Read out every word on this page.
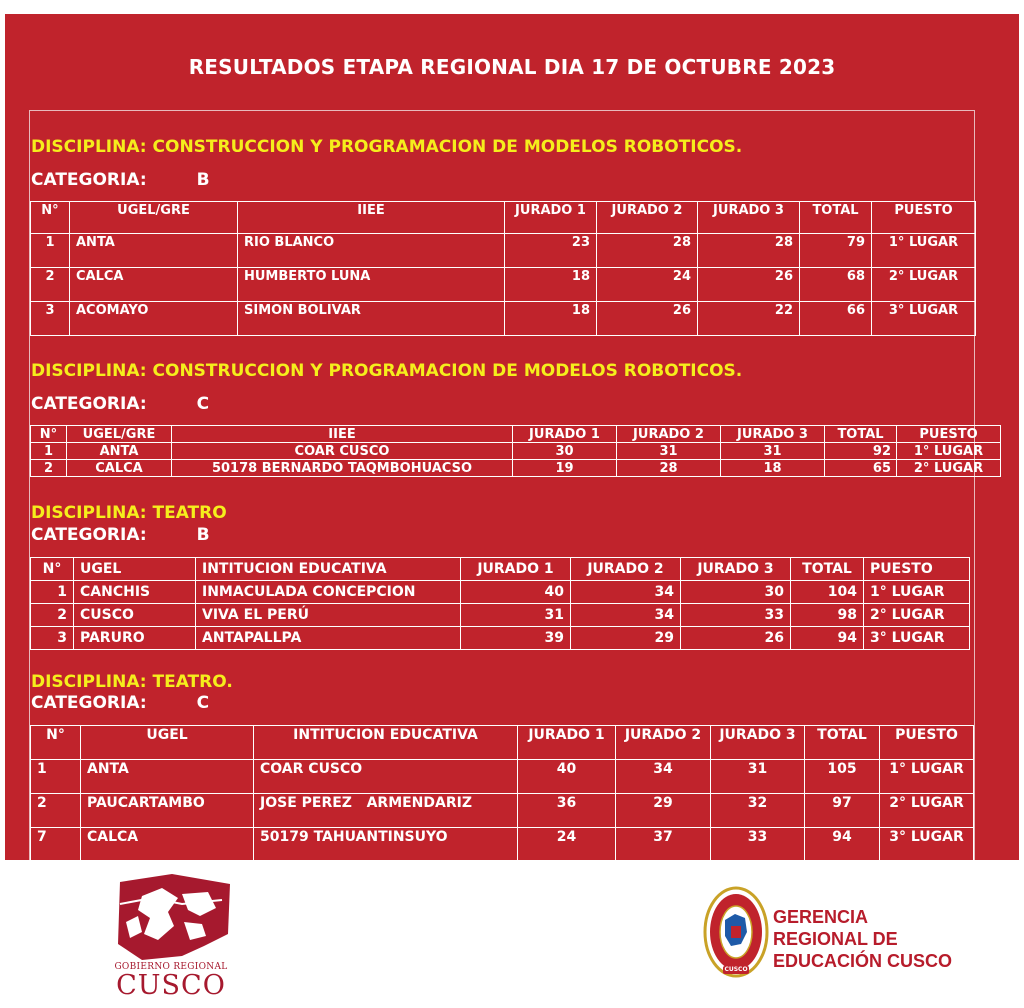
RESULTADOS ETAPA REGIONAL DIA 17 DE OCTUBRE 2023
DISCIPLINA: CONSTRUCCION Y PROGRAMACION DE MODELOS ROBOTICOS.
CATEGORIA:	B
N°	UGEL/GRE	IIEE	JURADO 1	JURADO 2	JURADO 3	TOTAL	PUESTO
1	ANTA	RIO BLANCO	23	28	28	79	1° LUGAR
2	CALCA	HUMBERTO LUNA	18	24	26	68	2° LUGAR
3	ACOMAYO	SIMON BOLIVAR	18	26	22	66	3° LUGAR
DISCIPLINA: CONSTRUCCION Y PROGRAMACION DE MODELOS ROBOTICOS.
CATEGORIA:	C
N°	UGEL/GRE	IIEE	JURADO 1	JURADO 2	JURADO 3	TOTAL	PUESTO
1	ANTA	COAR CUSCO	30	31	31	92	1° LUGAR
2	CALCA	50178 BERNARDO TAQMBOHUACSO	19	28	18	65	2° LUGAR
DISCIPLINA: TEATRO
CATEGORIA:	B
N°	UGEL	INTITUCION EDUCATIVA	JURADO 1	JURADO 2	JURADO 3	TOTAL	PUESTO
1	CANCHIS	INMACULADA CONCEPCION	40	34	30	104	1° LUGAR
2	CUSCO	VIVA EL PERÚ	31	34	33	98	2° LUGAR
3	PARURO	ANTAPALLPA	39	29	26	94	3° LUGAR
DISCIPLINA: TEATRO.
CATEGORIA:	C
N°	UGEL	INTITUCION EDUCATIVA	JURADO 1	JURADO 2	JURADO 3	TOTAL	PUESTO
1	ANTA	COAR CUSCO	40	34	31	105	1° LUGAR
2	PAUCARTAMBO	JOSE PEREZ   ARMENDARIZ	36	29	32	97	2° LUGAR
7	CALCA	50179 TAHUANTINSUYO	24	37	33	94	3° LUGAR
GOBIERNO REGIONAL
CUSCO
CUSCO
GERENCIA
REGIONAL DE
EDUCACIÓN CUSCO
